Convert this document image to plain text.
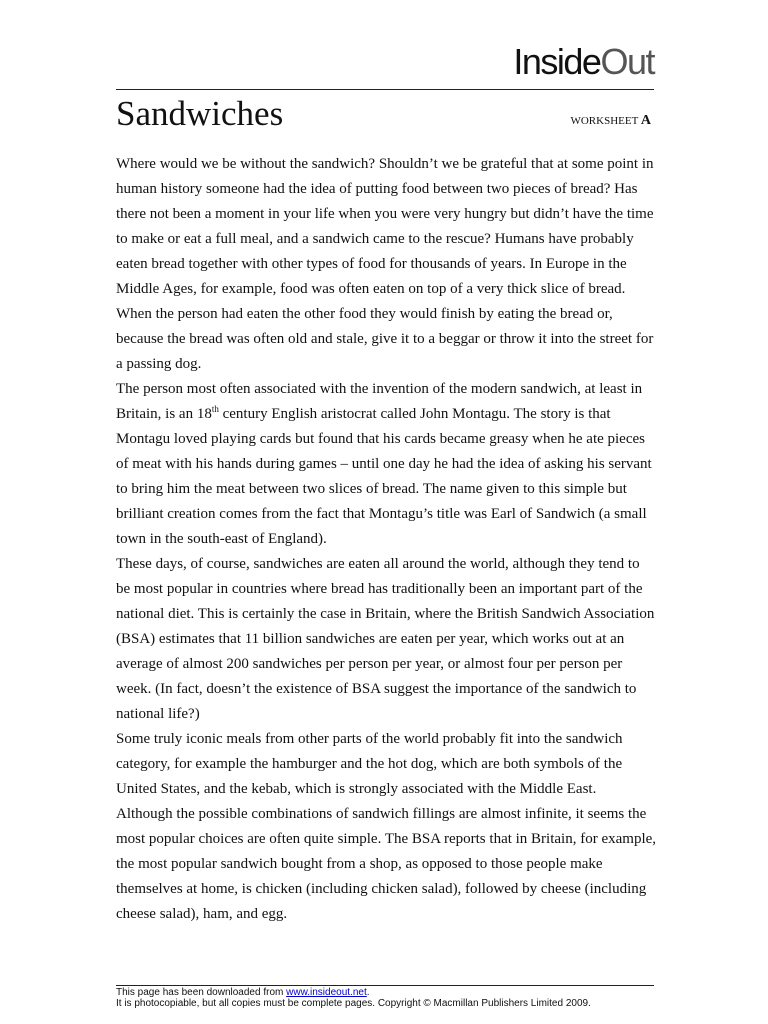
InsideOut
Sandwiches	WORKSHEET A

Where would we be without the sandwich? Shouldn’t we be grateful that at some point in human history someone had the idea of putting food between two pieces of bread? Has there not been a moment in your life when you were very hungry but didn’t have the time to make or eat a full meal, and a sandwich came to the rescue? Humans have probably eaten bread together with other types of food for thousands of years. In Europe in the Middle Ages, for example, food was often eaten on top of a very thick slice of bread. When the person had eaten the other food they would finish by eating the bread or, because the bread was often old and stale, give it to a beggar or throw it into the street for a passing dog.

The person most often associated with the invention of the modern sandwich, at least in Britain, is an 18th century English aristocrat called John Montagu. The story is that Montagu loved playing cards but found that his cards became greasy when he ate pieces of meat with his hands during games – until one day he had the idea of asking his servant to bring him the meat between two slices of bread. The name given to this simple but brilliant creation comes from the fact that Montagu’s title was Earl of Sandwich (a small town in the south-east of England).

These days, of course, sandwiches are eaten all around the world, although they tend to be most popular in countries where bread has traditionally been an important part of the national diet. This is certainly the case in Britain, where the British Sandwich Association (BSA) estimates that 11 billion sandwiches are eaten per year, which works out at an average of almost 200 sandwiches per person per year, or almost four per person per week. (In fact, doesn’t the existence of BSA suggest the importance of the sandwich to national life?)

Some truly iconic meals from other parts of the world probably fit into the sandwich category, for example the hamburger and the hot dog, which are both symbols of the United States, and the kebab, which is strongly associated with the Middle East.

Although the possible combinations of sandwich fillings are almost infinite, it seems the most popular choices are often quite simple. The BSA reports that in Britain, for example, the most popular sandwich bought from a shop, as opposed to those people make themselves at home, is chicken (including chicken salad), followed by cheese (including cheese salad), ham, and egg.

This page has been downloaded from www.insideout.net.
It is photocopiable, but all copies must be complete pages. Copyright © Macmillan Publishers Limited 2009.
